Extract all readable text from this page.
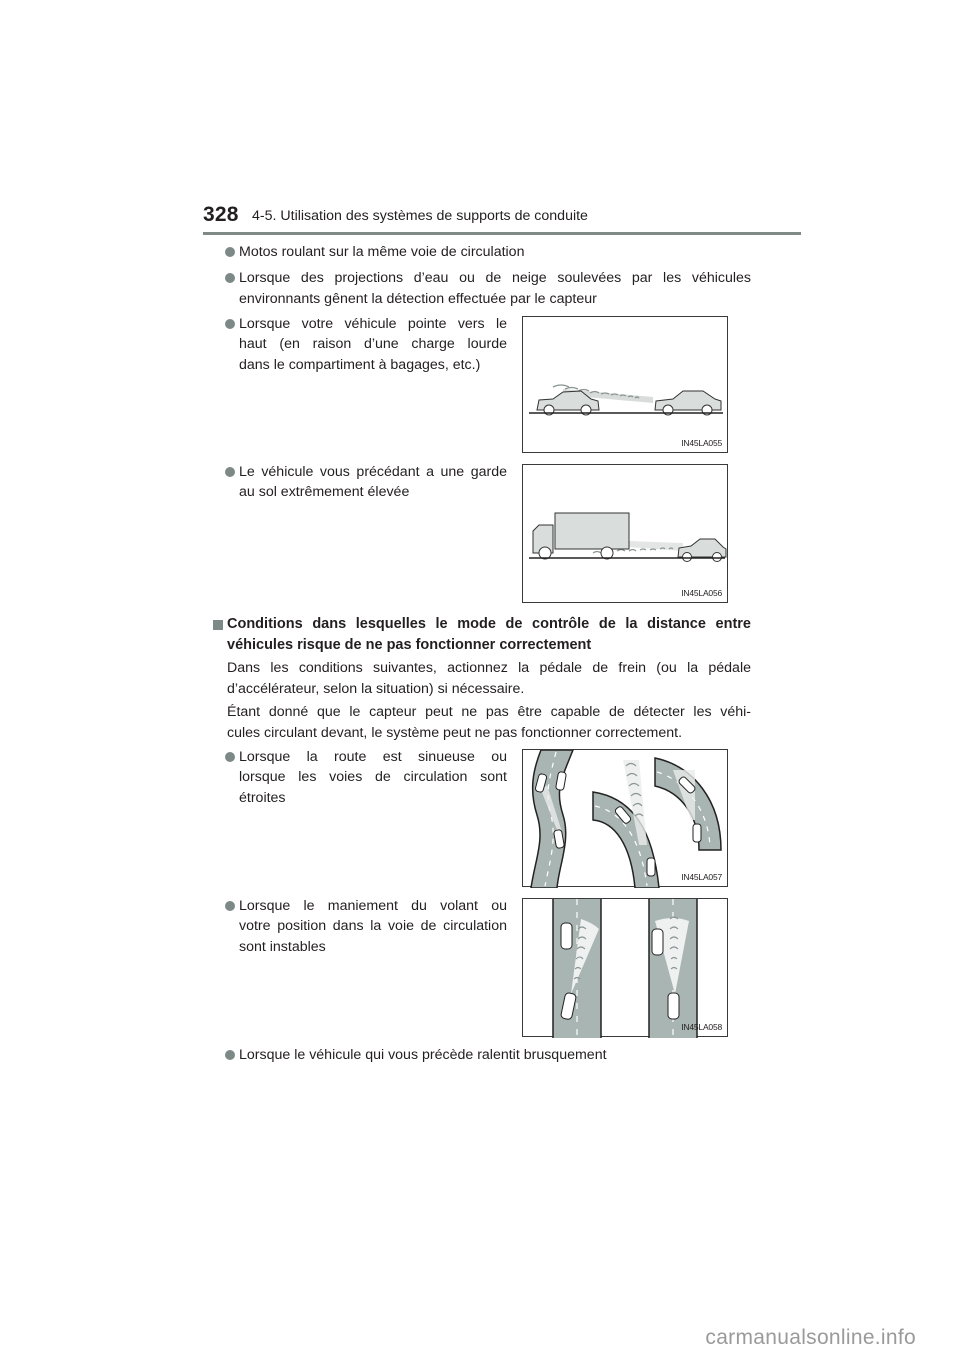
328 4-5. Utilisation des systèmes de supports de conduite
Motos roulant sur la même voie de circulation
Lorsque des projections d’eau ou de neige soulevées par les véhicules
environnants gênent la détection effectuée par le capteur
Lorsque votre véhicule pointe vers le
haut (en raison d’une charge lourde
dans le compartiment à bagages, etc.)
IN45LA055
Le véhicule vous précédant a une garde
au sol extrêmement élevée
IN45LA056
Conditions dans lesquelles le mode de contrôle de la distance entre
véhicules risque de ne pas fonctionner correctement
Dans les conditions suivantes, actionnez la pédale de frein (ou la pédale
d’accélérateur, selon la situation) si nécessaire.
Étant donné que le capteur peut ne pas être capable de détecter les véhi-
cules circulant devant, le système peut ne pas fonctionner correctement.
Lorsque la route est sinueuse ou
lorsque les voies de circulation sont
étroites
IN45LA057
Lorsque le maniement du volant ou
votre position dans la voie de circulation
sont instables
IN45LA058
Lorsque le véhicule qui vous précède ralentit brusquement
carmanualsonline.info
